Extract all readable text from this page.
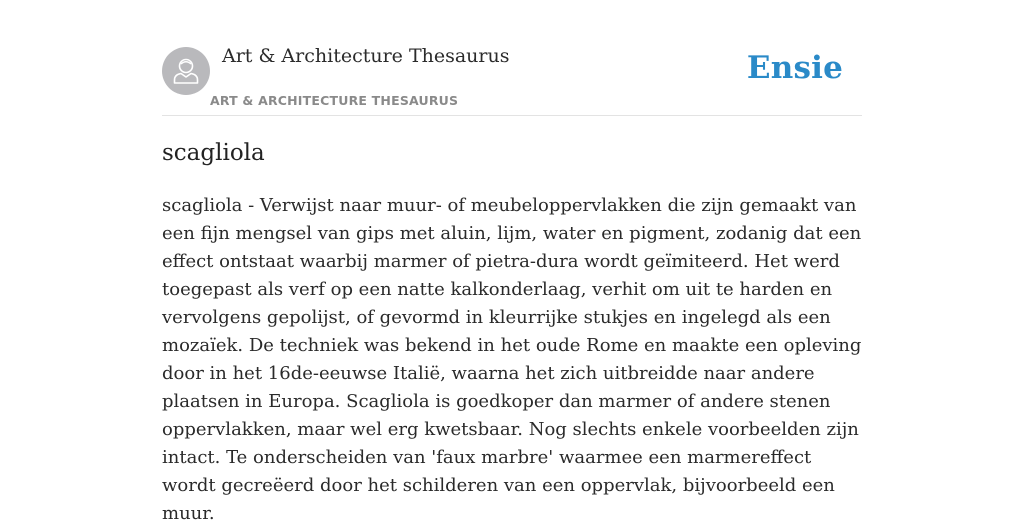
Art & Architecture Thesaurus
ART & ARCHITECTURE THESAURUS
Ensie
scagliola

scagliola - Verwijst naar muur- of meubeloppervlakken die zijn gemaakt van een fijn mengsel van gips met aluin, lijm, water en pigment, zodanig dat een effect ontstaat waarbij marmer of pietra-dura wordt geïmiteerd. Het werd toegepast als verf op een natte kalkonderlaag, verhit om uit te harden en vervolgens gepolijst, of gevormd in kleurrijke stukjes en ingelegd als een mozaïek. De techniek was bekend in het oude Rome en maakte een opleving door in het 16de-eeuwse Italië, waarna het zich uitbreidde naar andere plaatsen in Europa. Scagliola is goedkoper dan marmer of andere stenen oppervlakken, maar wel erg kwetsbaar. Nog slechts enkele voorbeelden zijn intact. Te onderscheiden van 'faux marbre' waarmee een marmereffect wordt gecreëerd door het schilderen van een oppervlak, bijvoorbeeld een muur.
